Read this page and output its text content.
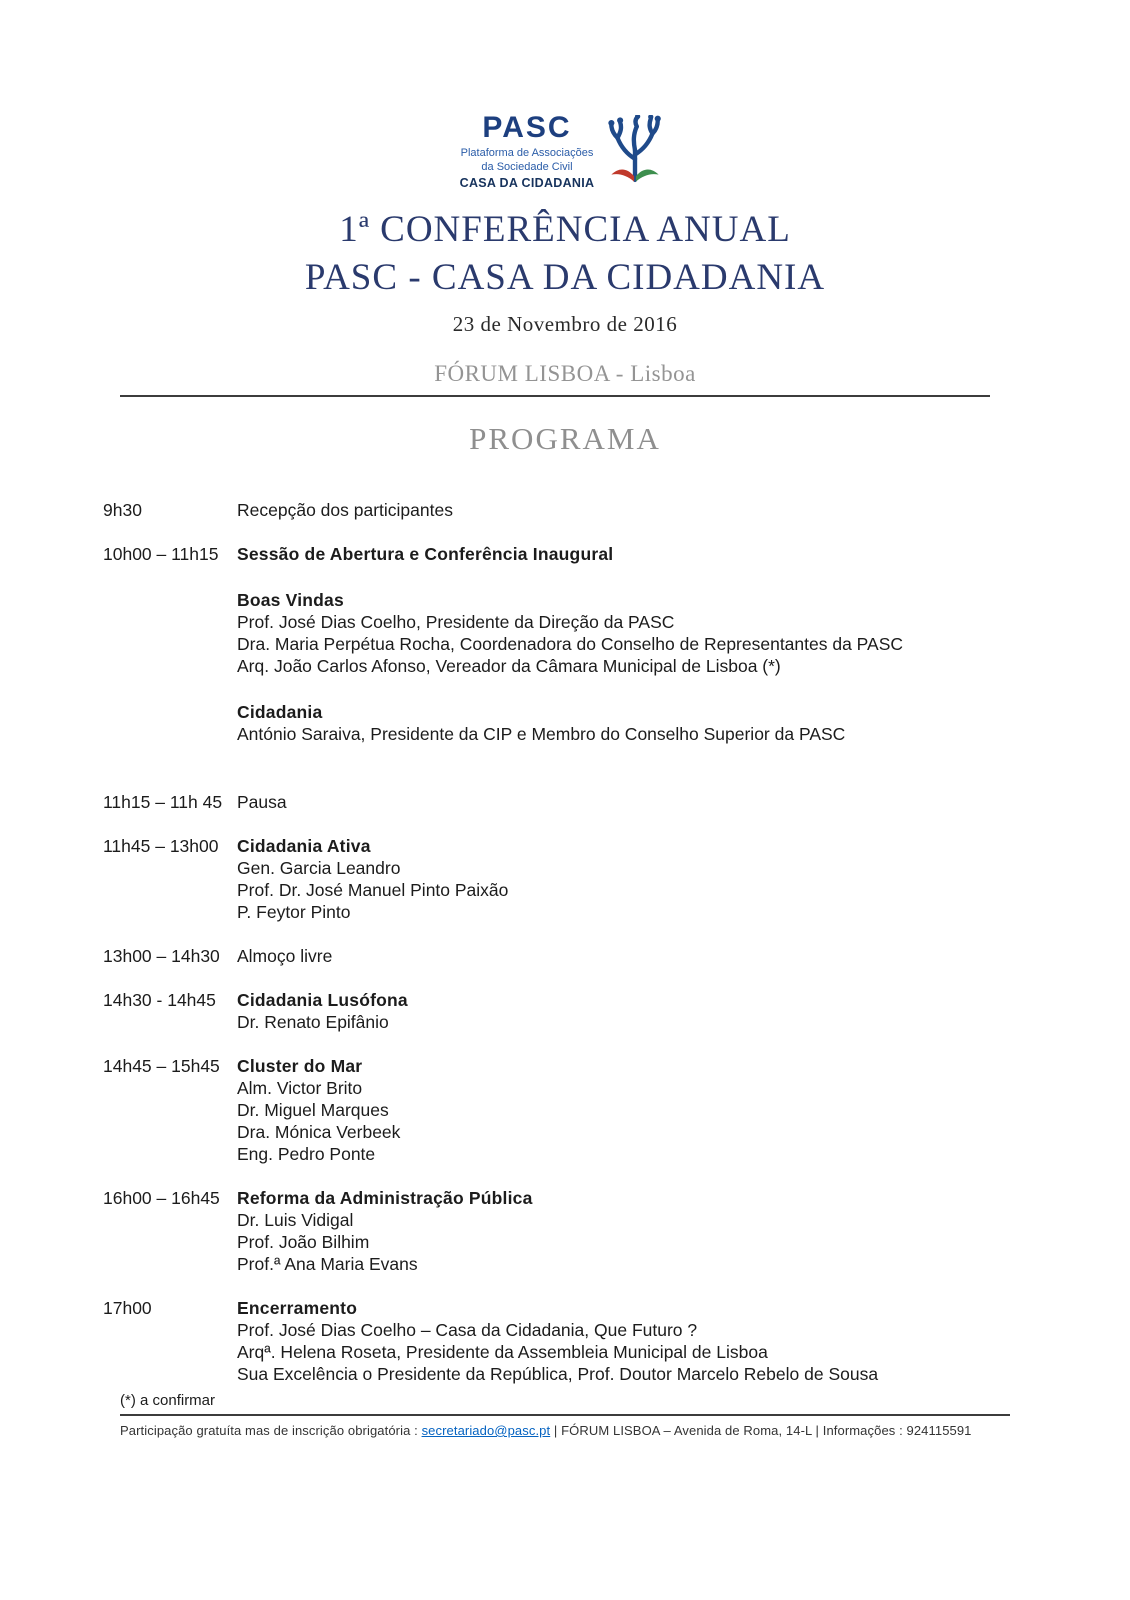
PASC
Plataforma de Associações
da Sociedade Civil
CASA DA CIDADANIA
1ª CONFERÊNCIA ANUAL
PASC - CASA DA CIDADANIA
23 de Novembro de 2016
FÓRUM LISBOA - Lisboa
PROGRAMA
9h30	Recepção dos participantes
10h00 – 11h15	Sessão de Abertura e Conferência Inaugural
Boas Vindas
Prof. José Dias Coelho, Presidente da Direção da PASC
Dra. Maria Perpétua Rocha, Coordenadora do Conselho de Representantes da PASC
Arq. João Carlos Afonso, Vereador da Câmara Municipal de Lisboa (*)
Cidadania
António Saraiva, Presidente da CIP e Membro do Conselho Superior da PASC
11h15 – 11h 45 Pausa
11h45 – 13h00	Cidadania Ativa
Gen. Garcia Leandro
Prof. Dr. José Manuel Pinto Paixão
P. Feytor Pinto
13h00 – 14h30 Almoço livre
14h30 - 14h45	Cidadania Lusófona
Dr. Renato Epifânio
14h45 – 15h45 Cluster do Mar
Alm. Victor Brito
Dr. Miguel Marques
Dra. Mónica Verbeek
Eng. Pedro Ponte
16h00 – 16h45 Reforma da Administração Pública
Dr. Luis Vidigal
Prof. João Bilhim
Prof.ª Ana Maria Evans
17h00	Encerramento
Prof. José Dias Coelho – Casa da Cidadania, Que Futuro ?
Arqª. Helena Roseta, Presidente da Assembleia Municipal de Lisboa
Sua Excelência o Presidente da República, Prof. Doutor Marcelo Rebelo de Sousa
(*) a confirmar
Participação gratuíta mas de inscrição obrigatória : secretariado@pasc.pt | FÓRUM LISBOA – Avenida de Roma, 14-L | Informações : 924115591
